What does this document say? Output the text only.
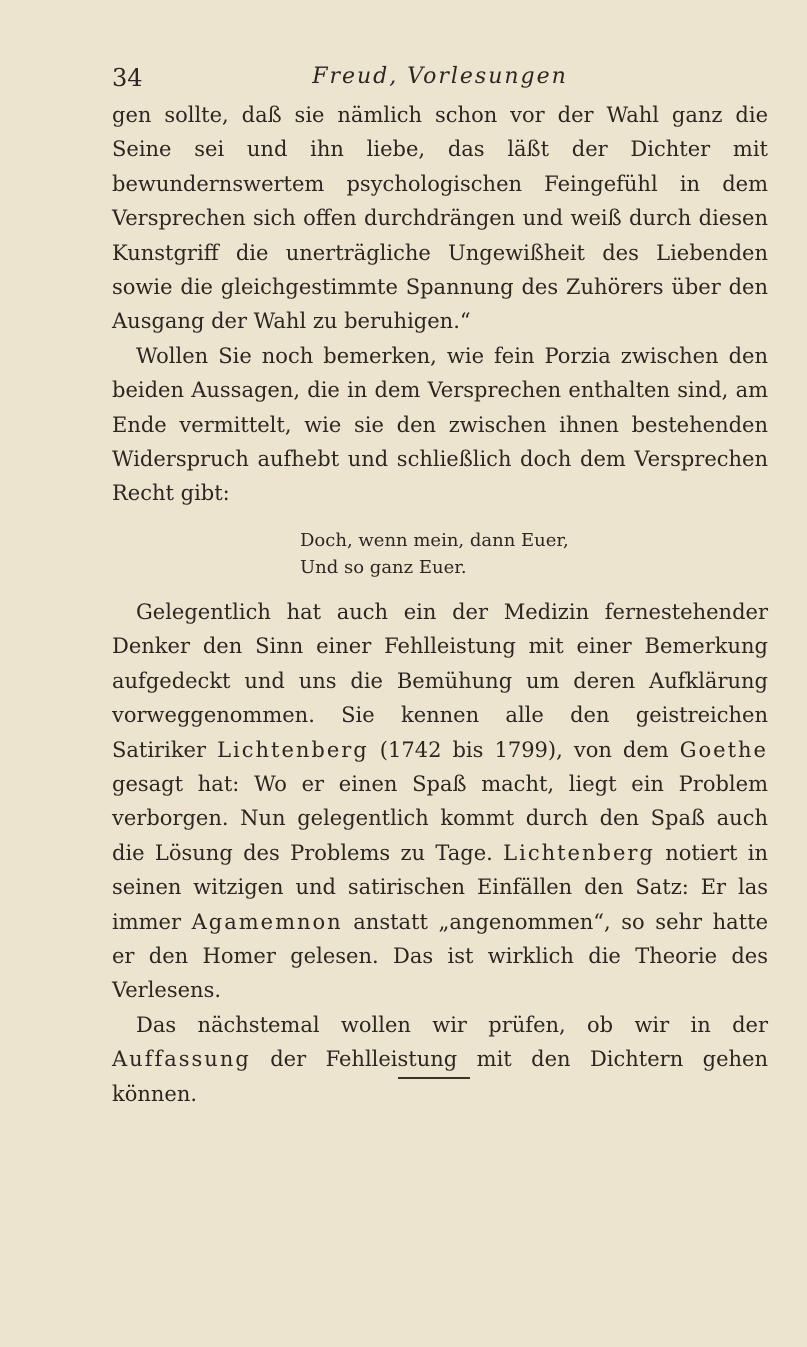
34	Freud, Vorlesungen

gen sollte, daß sie nämlich schon vor der Wahl ganz die Seine sei und ihn liebe, das läßt der Dichter mit bewundernswertem psychologischen Feingefühl in dem Versprechen sich offen durchdrängen und weiß durch diesen Kunstgriff die unerträgliche Ungewißheit des Liebenden sowie die gleichgestimmte Spannung des Zuhörers über den Ausgang der Wahl zu beruhigen.“

Wollen Sie noch bemerken, wie fein Porzia zwischen den beiden Aussagen, die in dem Versprechen enthalten sind, am Ende vermittelt, wie sie den zwischen ihnen bestehenden Widerspruch aufhebt und schließlich doch dem Versprechen Recht gibt:

Doch, wenn mein, dann Euer,
Und so ganz Euer.

Gelegentlich hat auch ein der Medizin fernestehender Denker den Sinn einer Fehlleistung mit einer Bemerkung aufgedeckt und uns die Bemühung um deren Aufklärung vorweggenommen. Sie kennen alle den geistreichen Satiriker Lichtenberg (1742 bis 1799), von dem Goethe gesagt hat: Wo er einen Spaß macht, liegt ein Problem verborgen. Nun gelegentlich kommt durch den Spaß auch die Lösung des Problems zu Tage. Lichtenberg notiert in seinen witzigen und satirischen Einfällen den Satz: Er las immer Agamemnon anstatt „angenommen“, so sehr hatte er den Homer gelesen. Das ist wirklich die Theorie des Verlesens.

Das nächstemal wollen wir prüfen, ob wir in der Auffassung der Fehlleistung mit den Dichtern gehen können.
